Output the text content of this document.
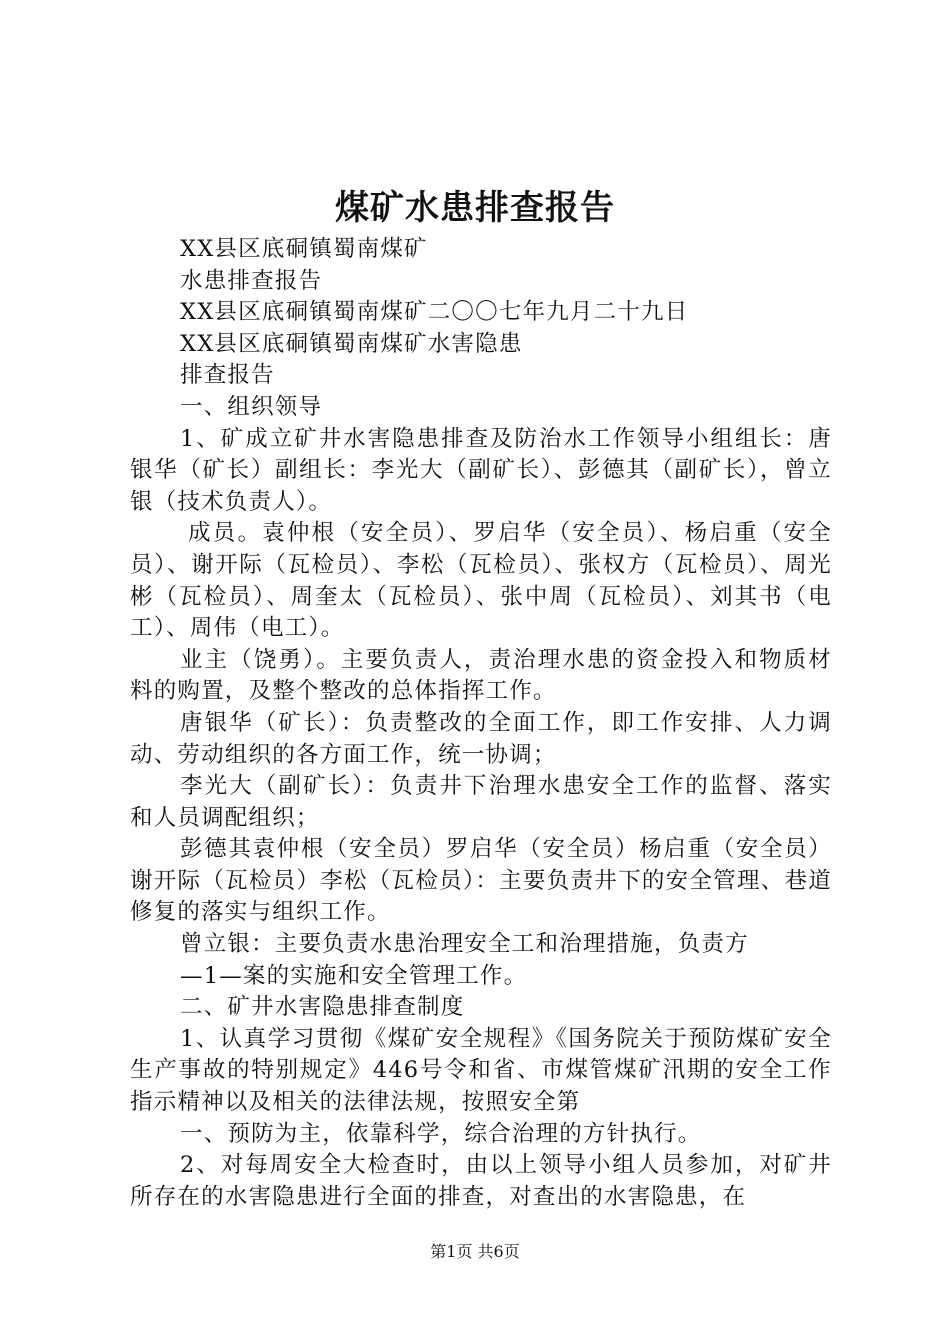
煤矿水患排查报告

XX县区底硐镇蜀南煤矿

水患排查报告

XX县区底硐镇蜀南煤矿二〇〇七年九月二十九日

XX县区底硐镇蜀南煤矿水害隐患

排查报告

一、组织领导

1、矿成立矿井水害隐患排查及防治水工作领导小组组长：唐银华（矿长）副组长：李光大（副矿长）、彭德其（副矿长），曾立银（技术负责人）。

成员。袁仲根（安全员）、罗启华（安全员）、杨启重（安全员）、谢开际（瓦检员）、李松（瓦检员）、张权方（瓦检员）、周光彬（瓦检员）、周奎太（瓦检员）、张中周（瓦检员）、刘其书（电工）、周伟（电工）。

业主（饶勇）。主要负责人，责治理水患的资金投入和物质材料的购置，及整个整改的总体指挥工作。

唐银华（矿长）：负责整改的全面工作，即工作安排、人力调动、劳动组织的各方面工作，统一协调；

李光大（副矿长）：负责井下治理水患安全工作的监督、落实和人员调配组织；

彭德其袁仲根（安全员）罗启华（安全员）杨启重（安全员）谢开际（瓦检员）李松（瓦检员）：主要负责井下的安全管理、巷道修复的落实与组织工作。

曾立银：主要负责水患治理安全工和治理措施，负责方

—1—案的实施和安全管理工作。

二、矿井水害隐患排查制度

1、认真学习贯彻《煤矿安全规程》《国务院关于预防煤矿安全生产事故的特别规定》446号令和省、市煤管煤矿汛期的安全工作指示精神以及相关的法律法规，按照安全第

一、预防为主，依靠科学，综合治理的方针执行。

2、对每周安全大检查时，由以上领导小组人员参加，对矿井所存在的水害隐患进行全面的排查，对查出的水害隐患，在

第1页 共6页
